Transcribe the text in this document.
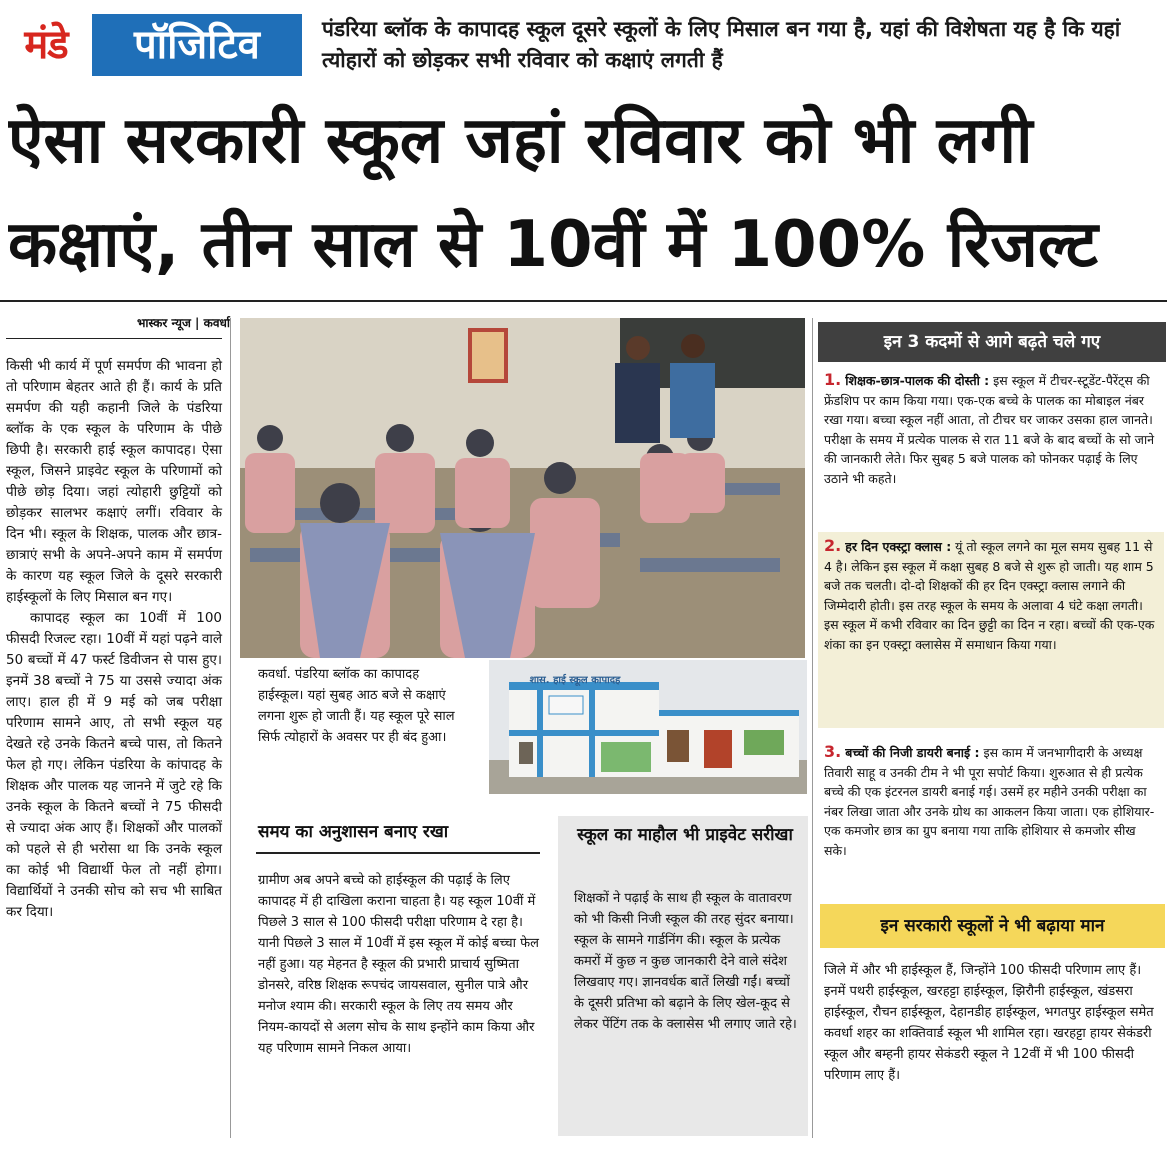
मंडे	पॉजिटिव	पंडरिया ब्लॉक के कापादह स्कूल दूसरे स्कूलों के लिए मिसाल बन गया है, यहां की विशेषता यह है कि यहां त्योहारों को छोड़कर सभी रविवार को कक्षाएं लगती हैं
ऐसा सरकारी स्कूल जहां रविवार को भी लगी
कक्षाएं, तीन साल से 10वीं में 100% रिजल्ट
भास्कर न्यूज | कवर्धा

किसी भी कार्य में पूर्ण समर्पण की भावना हो तो परिणाम बेहतर आते ही हैं। कार्य के प्रति समर्पण की यही कहानी जिले के पंडरिया ब्लॉक के एक स्कूल के परिणाम के पीछे छिपी है। सरकारी हाई स्कूल कापादह। ऐसा स्कूल, जिसने प्राइवेट स्कूल के परिणामों को पीछे छोड़ दिया। जहां त्योहारी छुट्टियों को छोड़कर सालभर कक्षाएं लगीं। रविवार के दिन भी। स्कूल के शिक्षक, पालक और छात्र-छात्राएं सभी के अपने-अपने काम में समर्पण के कारण यह स्कूल जिले के दूसरे सरकारी हाईस्कूलों के लिए मिसाल बन गए।

कापादह स्कूल का 10वीं में 100 फीसदी रिजल्ट रहा। 10वीं में यहां पढ़ने वाले 50 बच्चों में 47 फर्स्ट डिवीजन से पास हुए। इनमें 38 बच्चों ने 75 या उससे ज्यादा अंक लाए। हाल ही में 9 मई को जब परीक्षा परिणाम सामने आए, तो सभी स्कूल यह देखते रहे उनके कितने बच्चे पास, तो कितने फेल हो गए। लेकिन पंडरिया के कांपादह के शिक्षक और पालक यह जानने में जुटे रहे कि उनके स्कूल के कितने बच्चों ने 75 फीसदी से ज्यादा अंक आए हैं। शिक्षकों और पालकों को पहले से ही भरोसा था कि उनके स्कूल का कोई भी विद्यार्थी फेल तो नहीं होगा। विद्यार्थियों ने उनकी सोच को सच भी साबित कर दिया।

कवर्धा. पंडरिया ब्लॉक का कापादह हाईस्कूल। यहां सुबह आठ बजे से कक्षाएं लगना शुरू हो जाती हैं। यह स्कूल पूरे साल सिर्फ त्योहारों के अवसर पर ही बंद हुआ।
शास. हाई स्कूल कापादह
समय का अनुशासन बनाए रखा
ग्रामीण अब अपने बच्चे को हाईस्कूल की पढ़ाई के लिए कापादह में ही दाखिला कराना चाहता है। यह स्कूल 10वीं में पिछले 3 साल से 100 फीसदी परीक्षा परिणाम दे रहा है। यानी पिछले 3 साल में 10वीं में इस स्कूल में कोई बच्चा फेल नहीं हुआ। यह मेहनत है स्कूल की प्रभारी प्राचार्य सुष्मिता डोनसरे, वरिष्ठ शिक्षक रूपचंद जायसवाल, सुनील पात्रे और मनोज श्याम की। सरकारी स्कूल के लिए तय समय और नियम-कायदों से अलग सोच के साथ इन्होंने काम किया और यह परिणाम सामने निकल आया।
स्कूल का माहौल भी प्राइवेट सरीखा
शिक्षकों ने पढ़ाई के साथ ही स्कूल के वातावरण को भी किसी निजी स्कूल की तरह सुंदर बनाया। स्कूल के सामने गार्डनिंग की। स्कूल के प्रत्येक कमरों में कुछ न कुछ जानकारी देने वाले संदेश लिखवाए गए। ज्ञानवर्धक बातें लिखी गईं। बच्चों के दूसरी प्रतिभा को बढ़ाने के लिए खेल-कूद से लेकर पेंटिंग तक के क्लासेस भी लगाए जाते रहे।
इन 3 कदमों से आगे बढ़ते चले गए
1. शिक्षक-छात्र-पालक की दोस्ती : इस स्कूल में टीचर-स्टूडेंट-पैरेंट्स की फ्रेंडशिप पर काम किया गया। एक-एक बच्चे के पालक का मोबाइल नंबर रखा गया। बच्चा स्कूल नहीं आता, तो टीचर घर जाकर उसका हाल जानते। परीक्षा के समय में प्रत्येक पालक से रात 11 बजे के बाद बच्चों के सो जाने की जानकारी लेते। फिर सुबह 5 बजे पालक को फोनकर पढ़ाई के लिए उठाने भी कहते।
2. हर दिन एक्स्ट्रा क्लास : यूं तो स्कूल लगने का मूल समय सुबह 11 से 4 है। लेकिन इस स्कूल में कक्षा सुबह 8 बजे से शुरू हो जाती। यह शाम 5 बजे तक चलती। दो-दो शिक्षकों की हर दिन एक्स्ट्रा क्लास लगाने की जिम्मेदारी होती। इस तरह स्कूल के समय के अलावा 4 घंटे कक्षा लगती। इस स्कूल में कभी रविवार का दिन छुट्टी का दिन न रहा। बच्चों की एक-एक शंका का इन एक्स्ट्रा क्लासेस में समाधान किया गया।
3. बच्चों की निजी डायरी बनाई : इस काम में जनभागीदारी के अध्यक्ष तिवारी साहू व उनकी टीम ने भी पूरा सपोर्ट किया। शुरुआत से ही प्रत्येक बच्चे की एक इंटरनल डायरी बनाई गई। उसमें हर महीने उनकी परीक्षा का नंबर लिखा जाता और उनके ग्रोथ का आकलन किया जाता। एक होशियार-एक कमजोर छात्र का ग्रुप बनाया गया ताकि होशियार से कमजोर सीख सके।
इन सरकारी स्कूलों ने भी बढ़ाया मान
जिले में और भी हाईस्कूल हैं, जिन्होंने 100 फीसदी परिणाम लाए हैं। इनमें पथरी हाईस्कूल, खरहट्टा हाईस्कूल, झिरौनी हाईस्कूल, खंडसरा हाईस्कूल, रौचन हाईस्कूल, देहानडीह हाईस्कूल, भगतपुर हाईस्कूल समेत कवर्धा शहर का शक्तिवार्ड स्कूल भी शामिल रहा। खरहट्टा हायर सेकंडरी स्कूल और बम्हनी हायर सेकंडरी स्कूल ने 12वीं में भी 100 फीसदी परिणाम लाए हैं।
